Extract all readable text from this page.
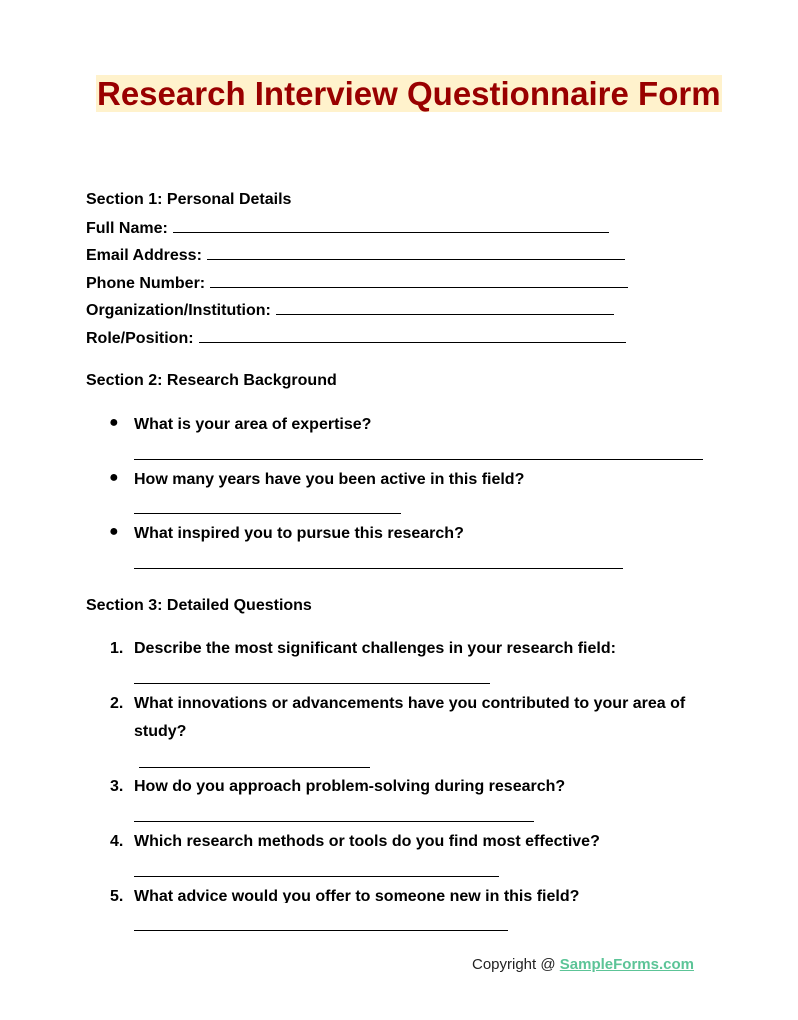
Research Interview Questionnaire Form
Section 1: Personal Details
Full Name:
Email Address:
Phone Number:
Organization/Institution:
Role/Position:
Section 2: Research Background
● What is your area of expertise?
● How many years have you been active in this field?
● What inspired you to pursue this research?
Section 3: Detailed Questions
1. Describe the most significant challenges in your research field:
2. What innovations or advancements have you contributed to your area of
study?
3. How do you approach problem-solving during research?
4. Which research methods or tools do you find most effective?
5. What advice would you offer to someone new in this field?
Copyright @ SampleForms.com
